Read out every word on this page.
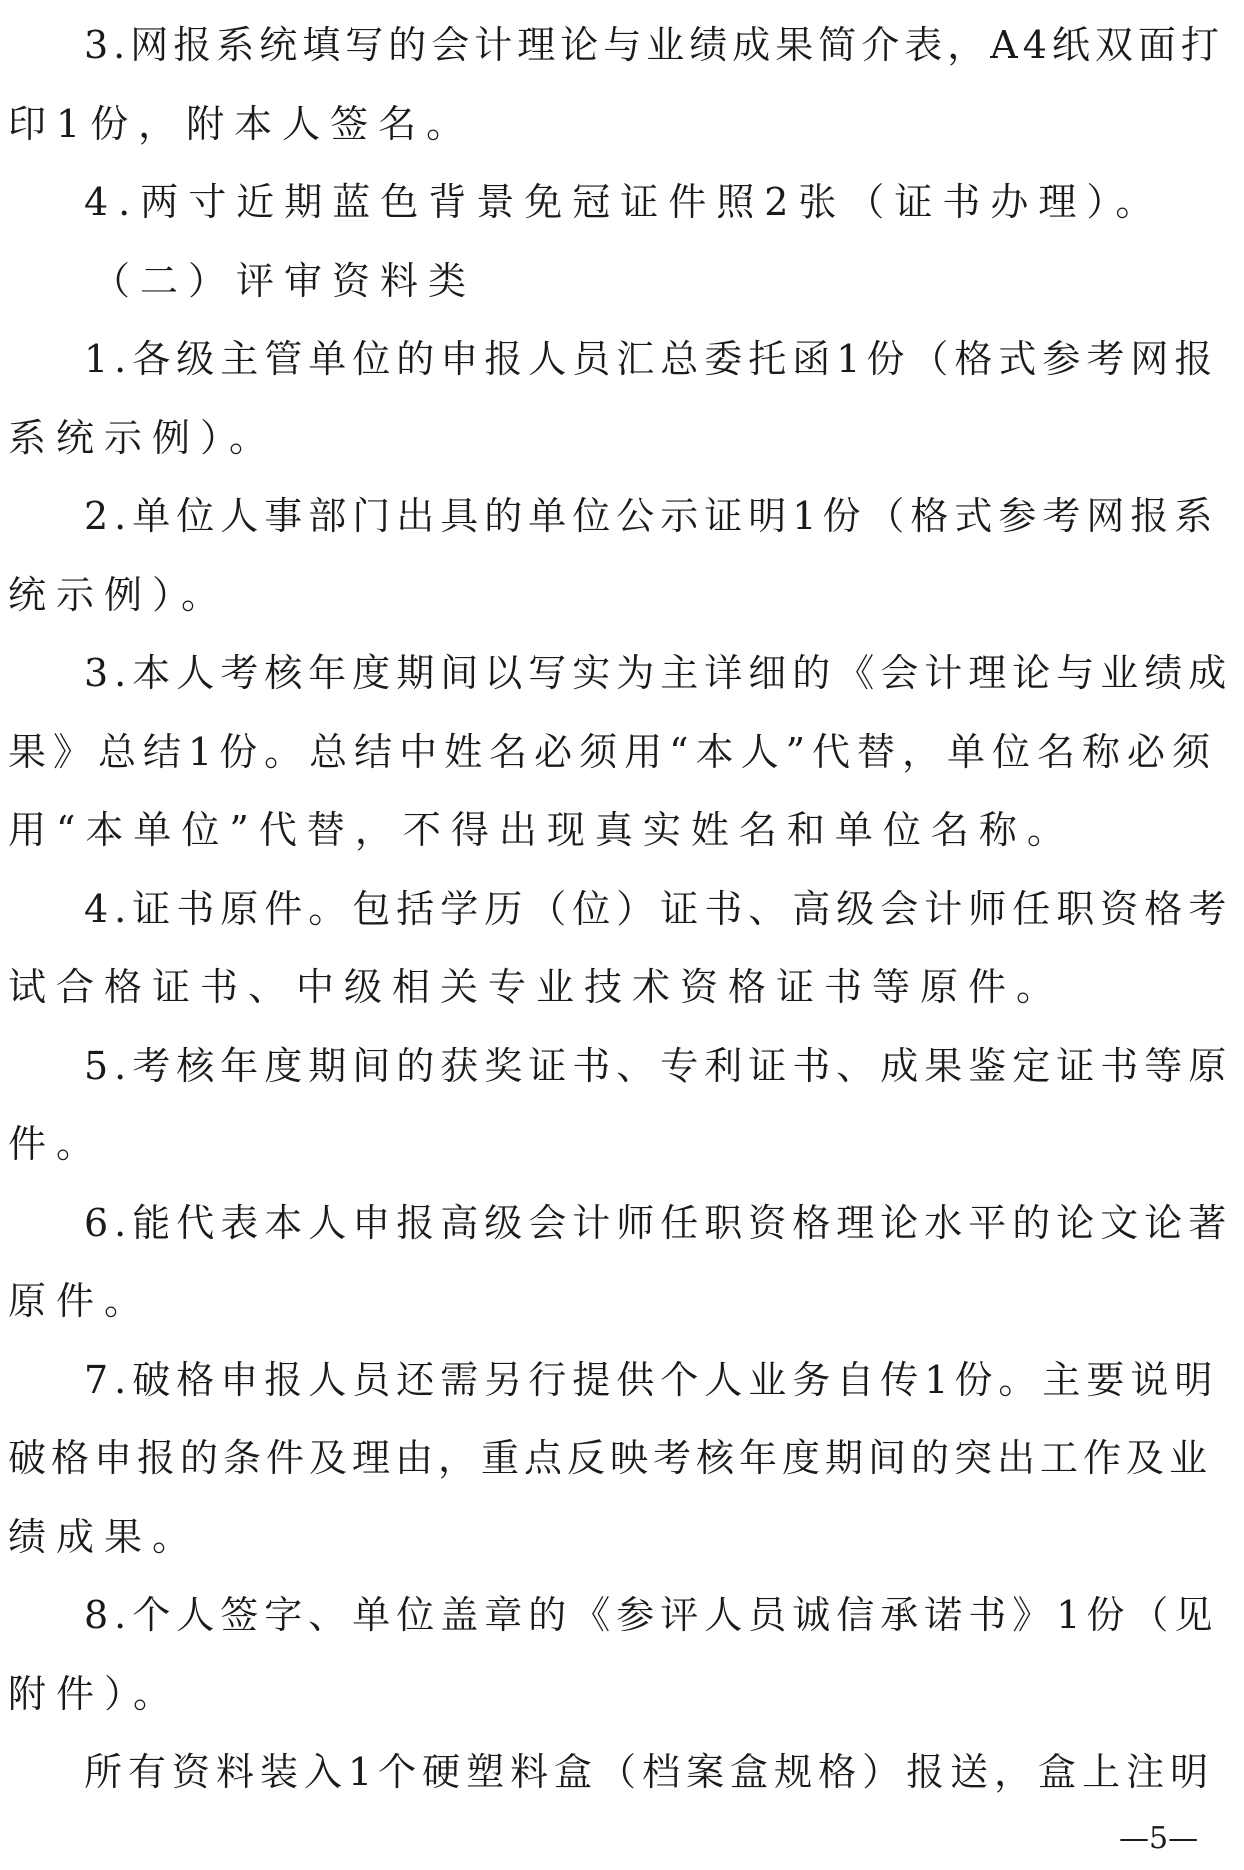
3.网报系统填写的会计理论与业绩成果简介表，A4纸双面打
印1份，附本人签名。
4.两寸近期蓝色背景免冠证件照2张（证书办理）。
（二）评审资料类
1.各级主管单位的申报人员汇总委托函1份（格式参考网报
系统示例）。
2.单位人事部门出具的单位公示证明1份（格式参考网报系
统示例）。
3.本人考核年度期间以写实为主详细的《会计理论与业绩成
果》总结1份。总结中姓名必须用“本人”代替，单位名称必须
用“本单位”代替，不得出现真实姓名和单位名称。
4.证书原件。包括学历（位）证书、高级会计师任职资格考
试合格证书、中级相关专业技术资格证书等原件。
5.考核年度期间的获奖证书、专利证书、成果鉴定证书等原
件。
6.能代表本人申报高级会计师任职资格理论水平的论文论著
原件。
7.破格申报人员还需另行提供个人业务自传1份。主要说明
破格申报的条件及理由，重点反映考核年度期间的突出工作及业
绩成果。
8.个人签字、单位盖章的《参评人员诚信承诺书》1份（见
附件）。
所有资料装入1个硬塑料盒（档案盒规格）报送，盒上注明
—5—
